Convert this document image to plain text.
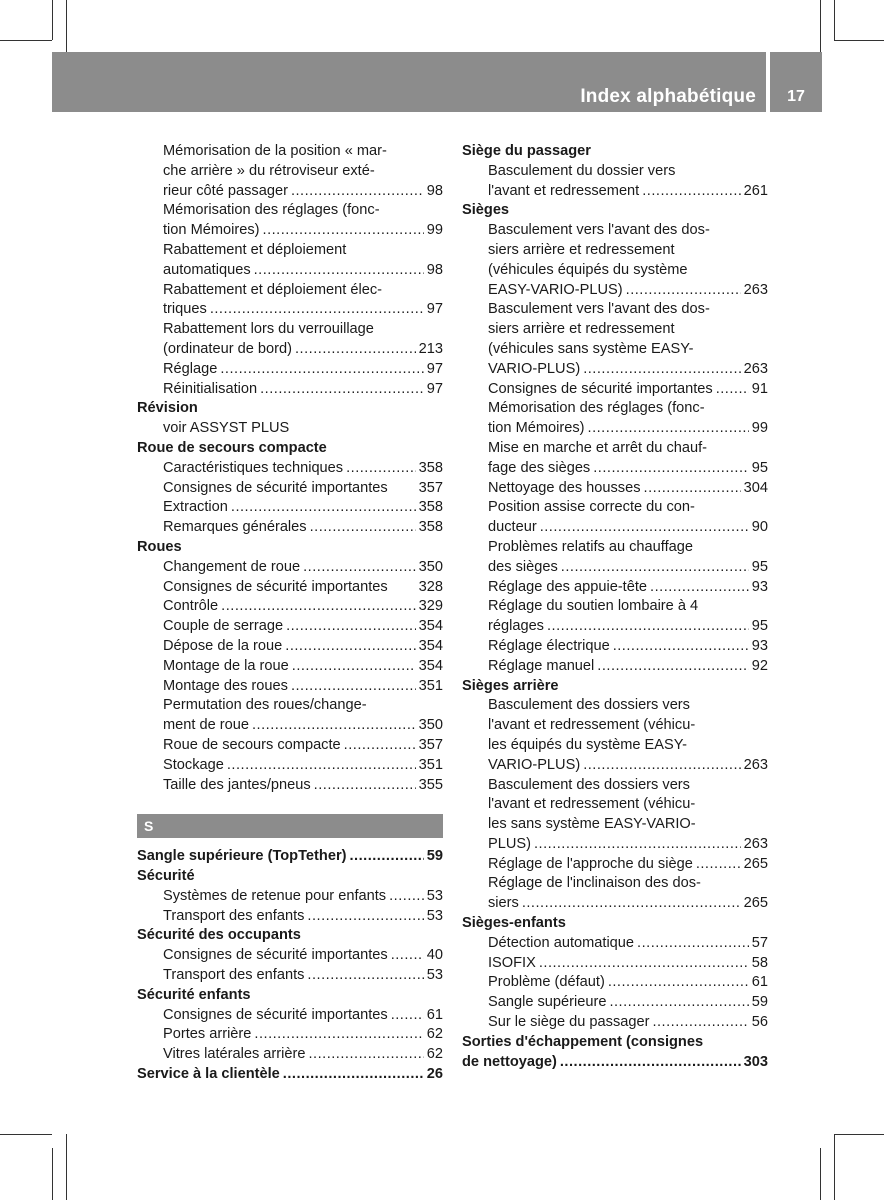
Index alphabétique	17
Mémorisation de la position « mar-
che arrière » du rétroviseur exté-
rieur côté passager .....	98
Mémorisation des réglages (fonc-
tion Mémoires) .....	99
Rabattement et déploiement
automatiques .....	98
Rabattement et déploiement élec-
triques .....	97
Rabattement lors du verrouillage
(ordinateur de bord) .....	213
Réglage .....	97
Réinitialisation .....	97
Révision
voir ASSYST PLUS
Roue de secours compacte
Caractéristiques techniques .....	358
Consignes de sécurité importantes 357
Extraction .....	358
Remarques générales .....	358
Roues
Changement de roue .....	350
Consignes de sécurité importantes 328
Contrôle .....	329
Couple de serrage .....	354
Dépose de la roue .....	354
Montage de la roue .....	354
Montage des roues .....	351
Permutation des roues/change-
ment de roue .....	350
Roue de secours compacte .....	357
Stockage .....	351
Taille des jantes/pneus .....	355
S
Sangle supérieure (TopTether) .....	59
Sécurité
Systèmes de retenue pour enfants .....	53
Transport des enfants .....	53
Sécurité des occupants
Consignes de sécurité importantes .....	40
Transport des enfants .....	53
Sécurité enfants
Consignes de sécurité importantes .....	61
Portes arrière .....	62
Vitres latérales arrière .....	62
Service à la clientèle .....	26
Siège du passager
Basculement du dossier vers
l'avant et redressement .....	261
Sièges
Basculement vers l'avant des dos-
siers arrière et redressement
(véhicules équipés du système
EASY-VARIO-PLUS) .....	263
Basculement vers l'avant des dos-
siers arrière et redressement
(véhicules sans système EASY-
VARIO-PLUS) .....	263
Consignes de sécurité importantes .....	91
Mémorisation des réglages (fonc-
tion Mémoires) .....	99
Mise en marche et arrêt du chauf-
fage des sièges .....	95
Nettoyage des housses .....	304
Position assise correcte du con-
ducteur .....	90
Problèmes relatifs au chauffage
des sièges .....	95
Réglage des appuie-tête .....	93
Réglage du soutien lombaire à 4
réglages .....	95
Réglage électrique .....	93
Réglage manuel .....	92
Sièges arrière
Basculement des dossiers vers
l'avant et redressement (véhicu-
les équipés du système EASY-
VARIO-PLUS) .....	263
Basculement des dossiers vers
l'avant et redressement (véhicu-
les sans système EASY-VARIO-
PLUS) .....	263
Réglage de l'approche du siège .....	265
Réglage de l'inclinaison des dos-
siers .....	265
Sièges-enfants
Détection automatique .....	57
ISOFIX .....	58
Problème (défaut) .....	61
Sangle supérieure .....	59
Sur le siège du passager .....	56
Sorties d'échappement (consignes
de nettoyage) .....	303
